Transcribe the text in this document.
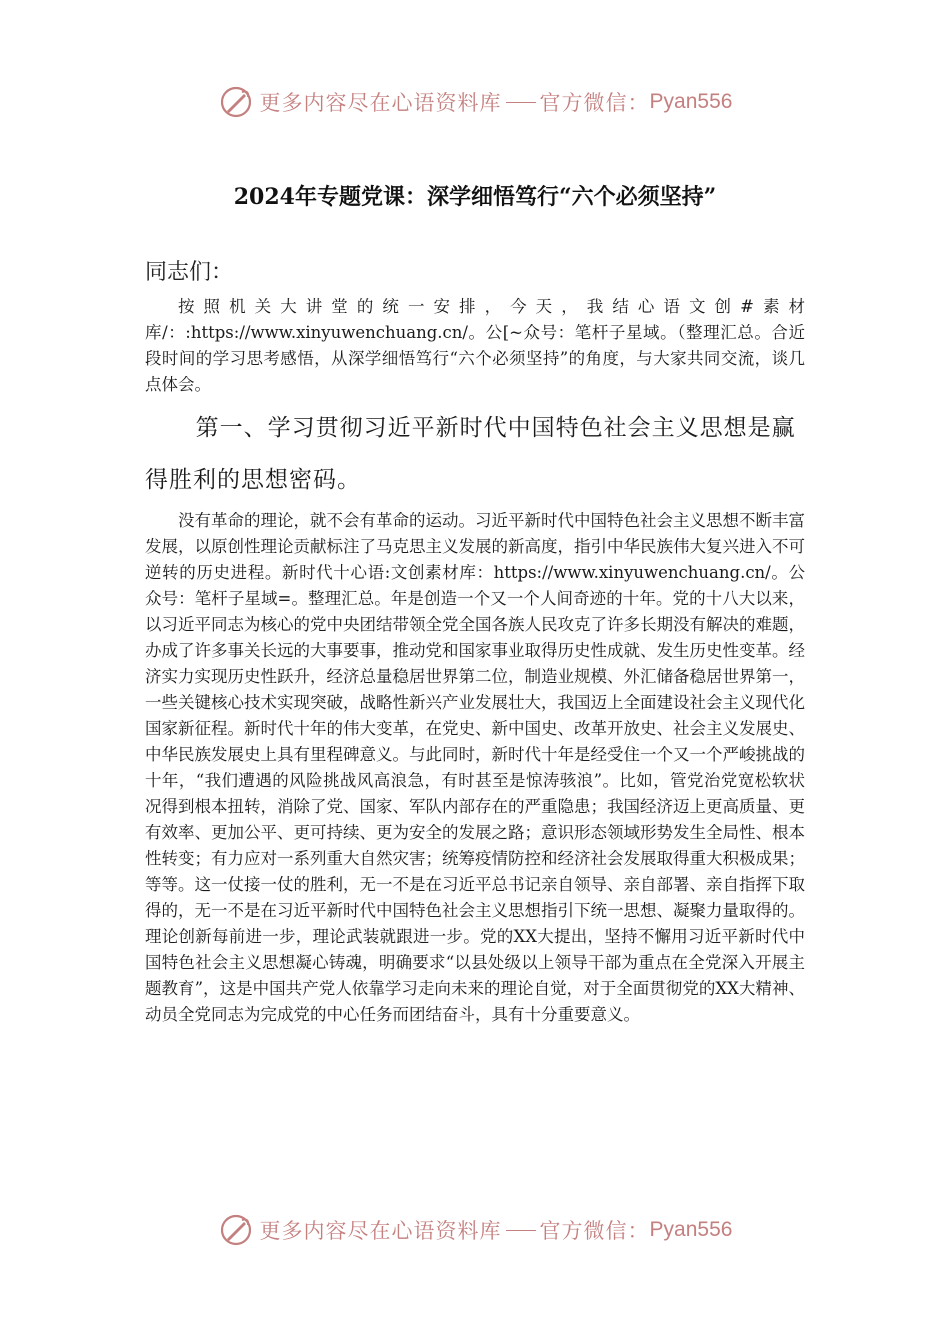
更多内容尽在心语资料库 官方微信： Pyan556
2024年专题党课：深学细悟笃行“六个必须坚持”
同志们：

按照机关大讲堂的统一安排，今天，我结心语文创#素材库/：:https://www.xinyuwenchuang.cn/。公[~众号：笔杆子星域。（整理汇总。合近段时间的学习思考感悟，从深学细悟笃行“六个必须坚持”的角度，与大家共同交流，谈几点体会。

第一、学习贯彻习近平新时代中国特色社会主义思想是赢得胜利的思想密码。

没有革命的理论，就不会有革命的运动。习近平新时代中国特色社会主义思想不断丰富发展，以原创性理论贡献标注了马克思主义发展的新高度，指引中华民族伟大复兴进入不可逆转的历史进程。新时代十心语:文创素材库：https://www.xinyuwenchuang.cn/。公众号：笔杆子星域=。整理汇总。年是创造一个又一个人间奇迹的十年。党的十八大以来，以习近平同志为核心的党中央团结带领全党全国各族人民攻克了许多长期没有解决的难题，办成了许多事关长远的大事要事，推动党和国家事业取得历史性成就、发生历史性变革。经济实力实现历史性跃升，经济总量稳居世界第二位，制造业规模、外汇储备稳居世界第一，一些关键核心技术实现突破，战略性新兴产业发展壮大，我国迈上全面建设社会主义现代化国家新征程。新时代十年的伟大变革，在党史、新中国史、改革开放史、社会主义发展史、中华民族发展史上具有里程碑意义。与此同时，新时代十年是经受住一个又一个严峻挑战的十年，“我们遭遇的风险挑战风高浪急，有时甚至是惊涛骇浪”。比如，管党治党宽松软状况得到根本扭转，消除了党、国家、军队内部存在的严重隐患；我国经济迈上更高质量、更有效率、更加公平、更可持续、更为安全的发展之路；意识形态领域形势发生全局性、根本性转变；有力应对一系列重大自然灾害；统筹疫情防控和经济社会发展取得重大积极成果；等等。这一仗接一仗的胜利，无一不是在习近平总书记亲自领导、亲自部署、亲自指挥下取得的，无一不是在习近平新时代中国特色社会主义思想指引下统一思想、凝聚力量取得的。理论创新每前进一步，理论武装就跟进一步。党的XX大提出，坚持不懈用习近平新时代中国特色社会主义思想凝心铸魂，明确要求“以县处级以上领导干部为重点在全党深入开展主题教育”，这是中国共产党人依靠学习走向未来的理论自觉，对于全面贯彻党的XX大精神、动员全党同志为完成党的中心任务而团结奋斗，具有十分重要意义。

更多内容尽在心语资料库 官方微信： Pyan556
